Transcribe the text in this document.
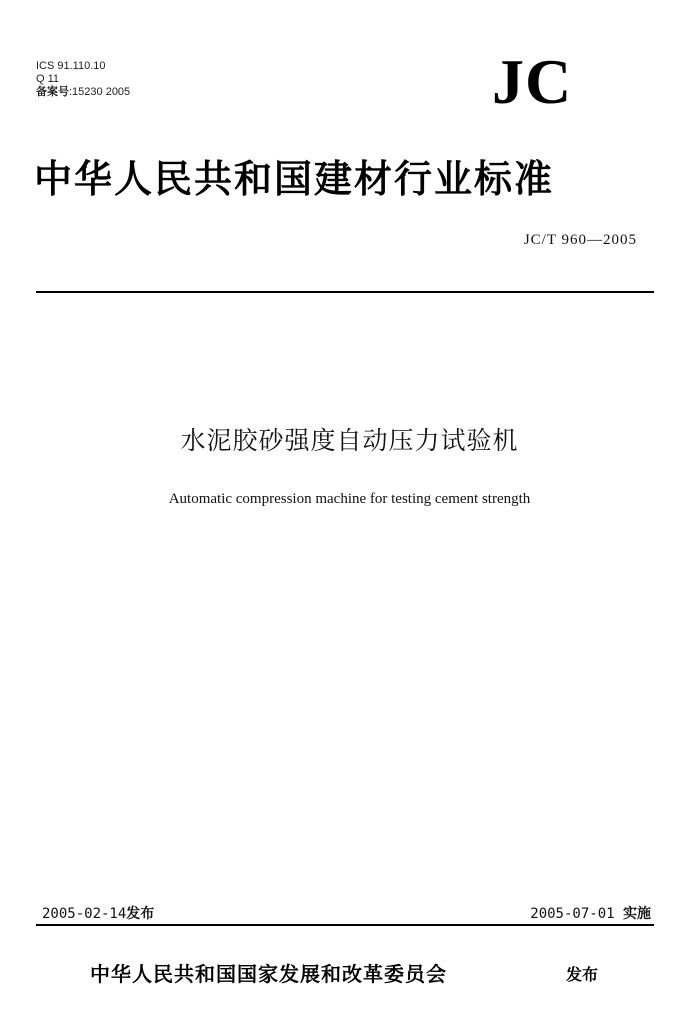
ICS 91.110.10
Q 11
备案号:15230 2005	JC
中华人民共和国建材行业标准
JC/T 960—2005
水泥胶砂强度自动压力试验机
Automatic compression machine for testing cement strength
2005-02-14发布	2005-07-01 实施
中华人民共和国国家发展和改革委员会	发布
